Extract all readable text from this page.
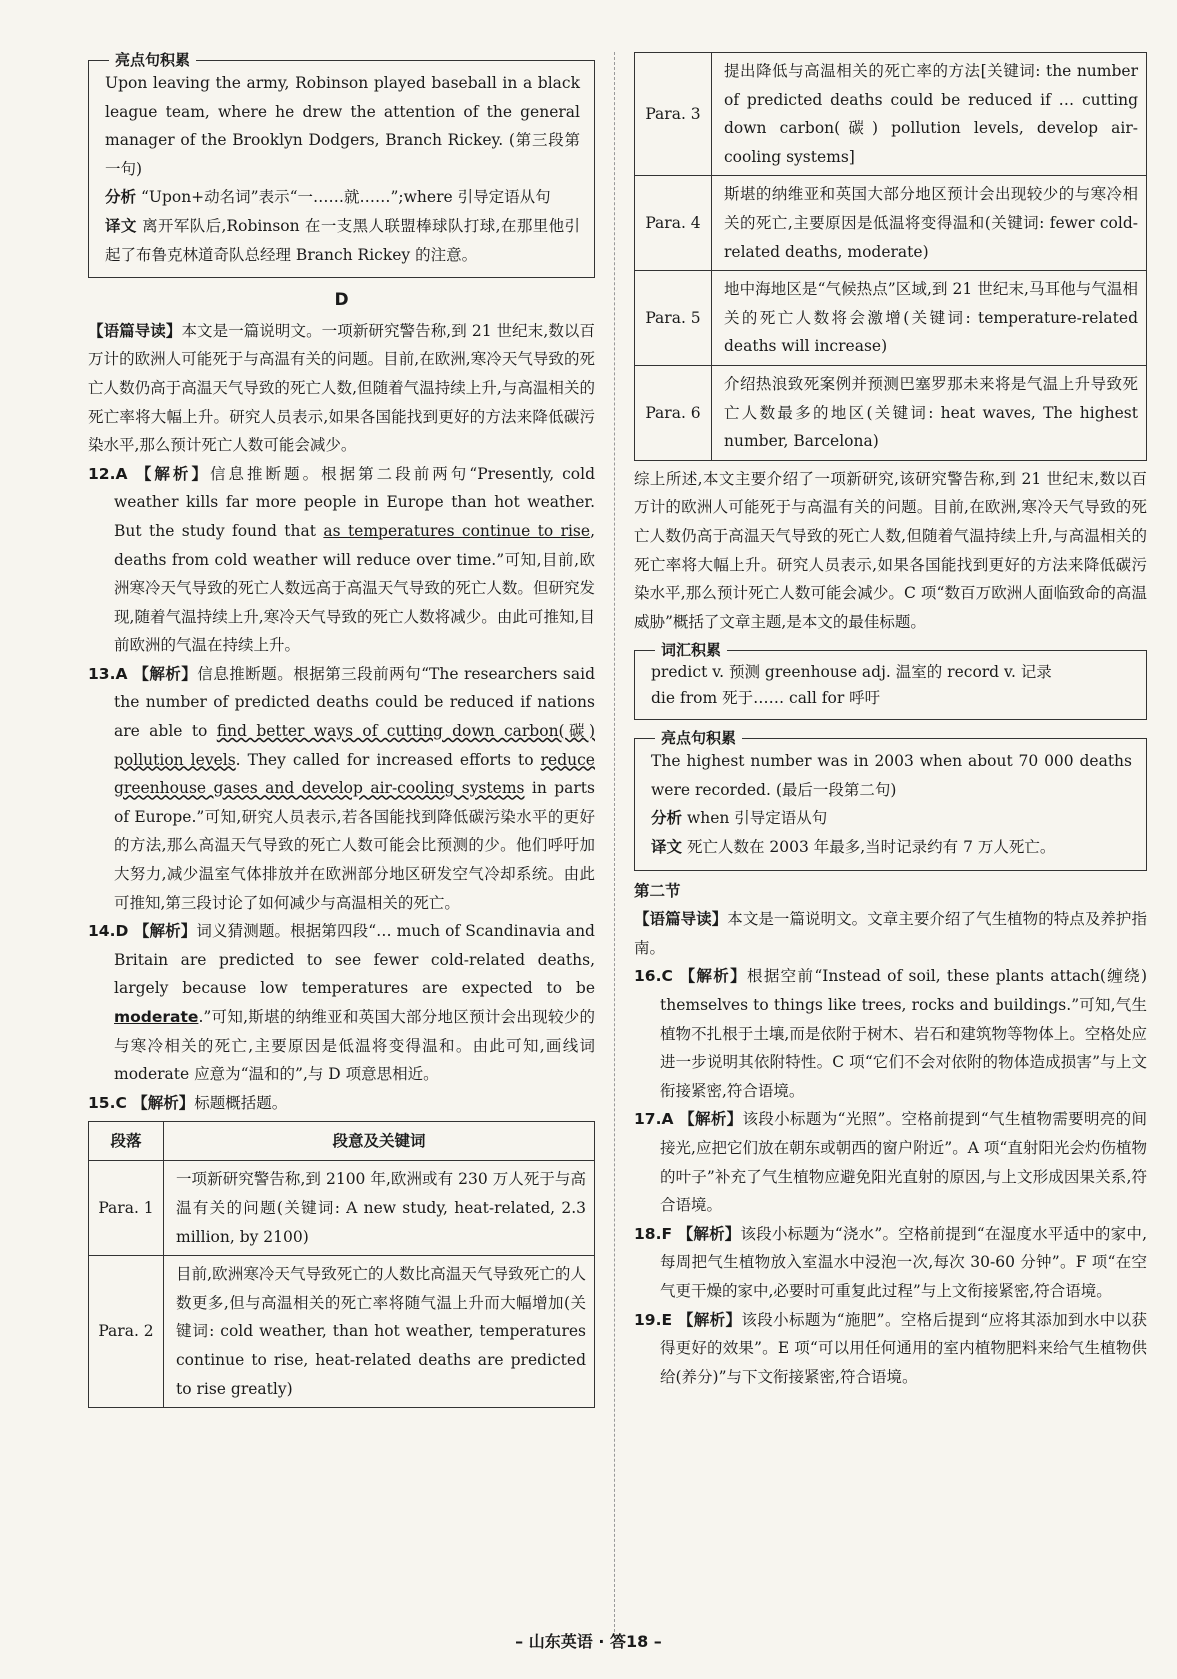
亮点句积累

Upon leaving the army, Robinson played baseball in a black league team, where he drew the attention of the general manager of the Brooklyn Dodgers, Branch Rickey. (第三段第一句)

分析 “Upon+动名词”表示“一……就……”;where 引导定语从句

译文 离开军队后,Robinson 在一支黑人联盟棒球队打球,在那里他引起了布鲁克林道奇队总经理 Branch Rickey 的注意。

D

【语篇导读】本文是一篇说明文。一项新研究警告称,到 21 世纪末,数以百万计的欧洲人可能死于与高温有关的问题。目前,在欧洲,寒冷天气导致的死亡人数仍高于高温天气导致的死亡人数,但随着气温持续上升,与高温相关的死亡率将大幅上升。研究人员表示,如果各国能找到更好的方法来降低碳污染水平,那么预计死亡人数可能会减少。

12.A 【解析】信息推断题。根据第二段前两句“Presently, cold weather kills far more people in Europe than hot weather. But the study found that as temperatures continue to rise, deaths from cold weather will reduce over time.”可知,目前,欧洲寒冷天气导致的死亡人数远高于高温天气导致的死亡人数。但研究发现,随着气温持续上升,寒冷天气导致的死亡人数将减少。由此可推知,目前欧洲的气温在持续上升。

13.A 【解析】信息推断题。根据第三段前两句“The researchers said the number of predicted deaths could be reduced if nations are able to find better ways of cutting down carbon(碳) pollution levels. They called for increased efforts to reduce greenhouse gases and develop air-cooling systems in parts of Europe.”可知,研究人员表示,若各国能找到降低碳污染水平的更好的方法,那么高温天气导致的死亡人数可能会比预测的少。他们呼吁加大努力,减少温室气体排放并在欧洲部分地区研发空气冷却系统。由此可推知,第三段讨论了如何减少与高温相关的死亡。

14.D 【解析】词义猜测题。根据第四段“… much of Scandinavia and Britain are predicted to see fewer cold-related deaths, largely because low temperatures are expected to be moderate.”可知,斯堪的纳维亚和英国大部分地区预计会出现较少的与寒冷相关的死亡,主要原因是低温将变得温和。由此可知,画线词 moderate 应意为“温和的”,与 D 项意思相近。

15.C 【解析】标题概括题。

段落	段意及关键词
Para. 1	一项新研究警告称,到 2100 年,欧洲或有 230 万人死于与高温有关的问题(关键词: A new study, heat-related, 2.3 million, by 2100)
Para. 2	目前,欧洲寒冷天气导致死亡的人数比高温天气导致死亡的人数更多,但与高温相关的死亡率将随气温上升而大幅增加(关键词: cold weather, than hot weather, temperatures continue to rise, heat-related deaths are predicted to rise greatly)
Para. 3	提出降低与高温相关的死亡率的方法[关键词: the number of predicted deaths could be reduced if … cutting down carbon(碳) pollution levels, develop air-cooling systems]
Para. 4	斯堪的纳维亚和英国大部分地区预计会出现较少的与寒冷相关的死亡,主要原因是低温将变得温和(关键词: fewer cold-related deaths, moderate)
Para. 5	地中海地区是“气候热点”区域,到 21 世纪末,马耳他与气温相关的死亡人数将会激增(关键词: temperature-related deaths will increase)
Para. 6	介绍热浪致死案例并预测巴塞罗那未来将是气温上升导致死亡人数最多的地区(关键词: heat waves, The highest number, Barcelona)

综上所述,本文主要介绍了一项新研究,该研究警告称,到 21 世纪末,数以百万计的欧洲人可能死于与高温有关的问题。目前,在欧洲,寒冷天气导致的死亡人数仍高于高温天气导致的死亡人数,但随着气温持续上升,与高温相关的死亡率将大幅上升。研究人员表示,如果各国能找到更好的方法来降低碳污染水平,那么预计死亡人数可能会减少。C 项“数百万欧洲人面临致命的高温威胁”概括了文章主题,是本文的最佳标题。

词汇积累

predict v. 预测 greenhouse adj. 温室的 record v. 记录

die from 死于…… call for 呼吁

亮点句积累

The highest number was in 2003 when about 70 000 deaths were recorded. (最后一段第二句)

分析 when 引导定语从句

译文 死亡人数在 2003 年最多,当时记录约有 7 万人死亡。

第二节

【语篇导读】本文是一篇说明文。文章主要介绍了气生植物的特点及养护指南。

16.C 【解析】根据空前“Instead of soil, these plants attach(缠绕) themselves to things like trees, rocks and buildings.”可知,气生植物不扎根于土壤,而是依附于树木、岩石和建筑物等物体上。空格处应进一步说明其依附特性。C 项“它们不会对依附的物体造成损害”与上文衔接紧密,符合语境。

17.A 【解析】该段小标题为“光照”。空格前提到“气生植物需要明亮的间接光,应把它们放在朝东或朝西的窗户附近”。A 项“直射阳光会灼伤植物的叶子”补充了气生植物应避免阳光直射的原因,与上文形成因果关系,符合语境。

18.F 【解析】该段小标题为“浇水”。空格前提到“在湿度水平适中的家中,每周把气生植物放入室温水中浸泡一次,每次 30-60 分钟”。F 项“在空气更干燥的家中,必要时可重复此过程”与上文衔接紧密,符合语境。

19.E 【解析】该段小标题为“施肥”。空格后提到“应将其添加到水中以获得更好的效果”。E 项“可以用任何通用的室内植物肥料来给气生植物供给(养分)”与下文衔接紧密,符合语境。

– 山东英语 · 答18 –
